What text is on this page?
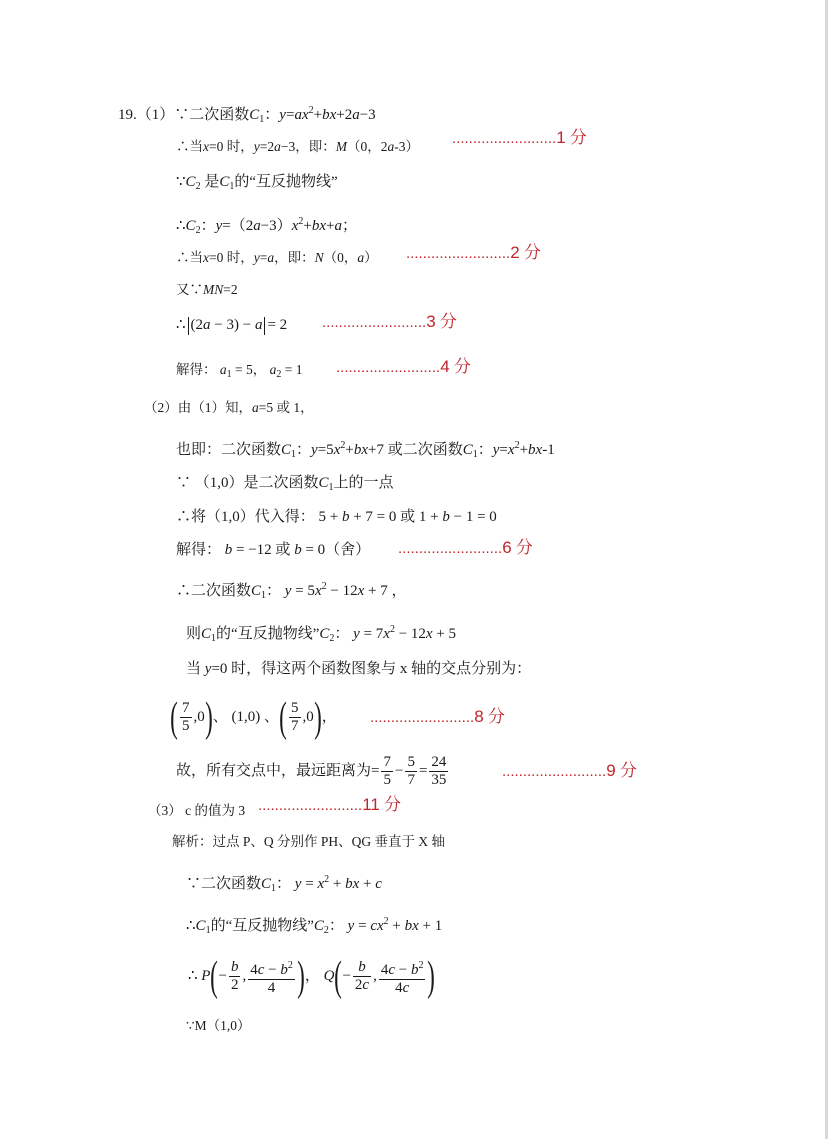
19.（1）∵二次函数$C_1$：$y=ax^2+bx+2a-3$
∴当x=0 时，y=2a−3，即：M（0，2a-3） .........................1 分
$\because C_2$ 是$C_1$的“互反抛物线”
$\therefore C_2$：$y=(2a-3)x^2+bx+a$；
∴当x=0 时，y=a，即：N（0，a） .........................2 分
又∵MN=2
∴ (2a − 3) − a = 2 .........................3 分
解得： $a_1 = 5$， $a_2 = 1$ .........................4 分
（2）由（1）知，a=5 或 1，
也即：二次函数$C_1$：$y=5x^2+bx+7$ 或二次函数$C_1$：$y=x^2+bx-1$
∵ （1,0）是二次函数$C_1$上的一点
∴将（1,0）代入得： 5 + b + 7 = 0 或 1 + b − 1 = 0
解得： b = −12 或 b = 0（舍） .........................6 分
∴二次函数$C_1$： $y = 5x^2 - 12x + 7$ ，
则$C_1$的“互反抛物线$”C_2$： $y = 7x^2 - 12x + 5$
当 y=0 时，得这两个函数图象与 x 轴的交点分别为：
( $\frac{7}{5} ,0$)、 (1,0) 、( $\frac{5}{7} ,0$)， .........................8 分
故，所有交点中，最远距离为= $\frac{7}{5} - \frac{5}{7} = \frac{24}{35}$	.........................9 分
（3） c 的值为 3 .........................11 分
解析：过点 P、Q 分别作 PH、QG 垂直于 X 轴
∵二次函数$C_1$： $y = x^2$ + bx + c
$\therefore C_1$的“互反抛物线$”C_2$： $y = cx^2$ + bx + 1
∴ $P(- \frac{b}{2}$ , $\frac{4c - b^2}{4}$ )， $Q(- \frac{b}{2c}$ , $\frac{4c - b^2}{4c}$ )
∵M（1,0）
